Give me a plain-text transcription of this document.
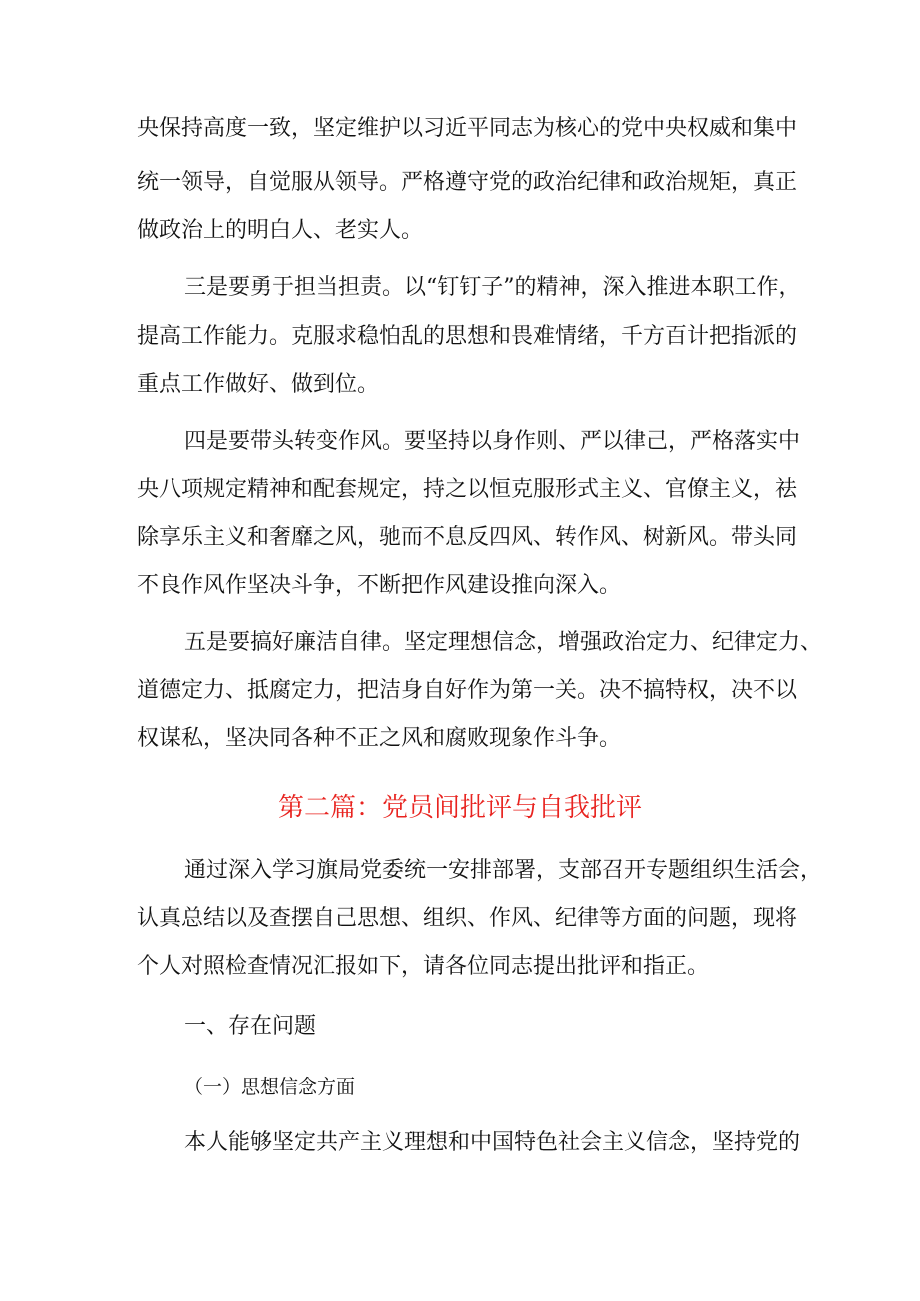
央保持高度一致，坚定维护以习近平同志为核心的党中央权威和集中
统一领导，自觉服从领导。严格遵守党的政治纪律和政治规矩，真正
做政治上的明白人、老实人。
三是要勇于担当担责。以“钉钉子”的精神，深入推进本职工作，
提高工作能力。克服求稳怕乱的思想和畏难情绪，千方百计把指派的
重点工作做好、做到位。
四是要带头转变作风。要坚持以身作则、严以律己，严格落实中
央八项规定精神和配套规定，持之以恒克服形式主义、官僚主义，祛
除享乐主义和奢靡之风，驰而不息反四风、转作风、树新风。带头同
不良作风作坚决斗争，不断把作风建设推向深入。
五是要搞好廉洁自律。坚定理想信念，增强政治定力、纪律定力、
道德定力、抵腐定力，把洁身自好作为第一关。决不搞特权，决不以
权谋私，坚决同各种不正之风和腐败现象作斗争。
第二篇：党员间批评与自我批评
通过深入学习旗局党委统一安排部署，支部召开专题组织生活会，
认真总结以及查摆自己思想、组织、作风、纪律等方面的问题，现将
个人对照检查情况汇报如下，请各位同志提出批评和指正。
一、存在问题
（一）思想信念方面
本人能够坚定共产主义理想和中国特色社会主义信念，坚持党的
